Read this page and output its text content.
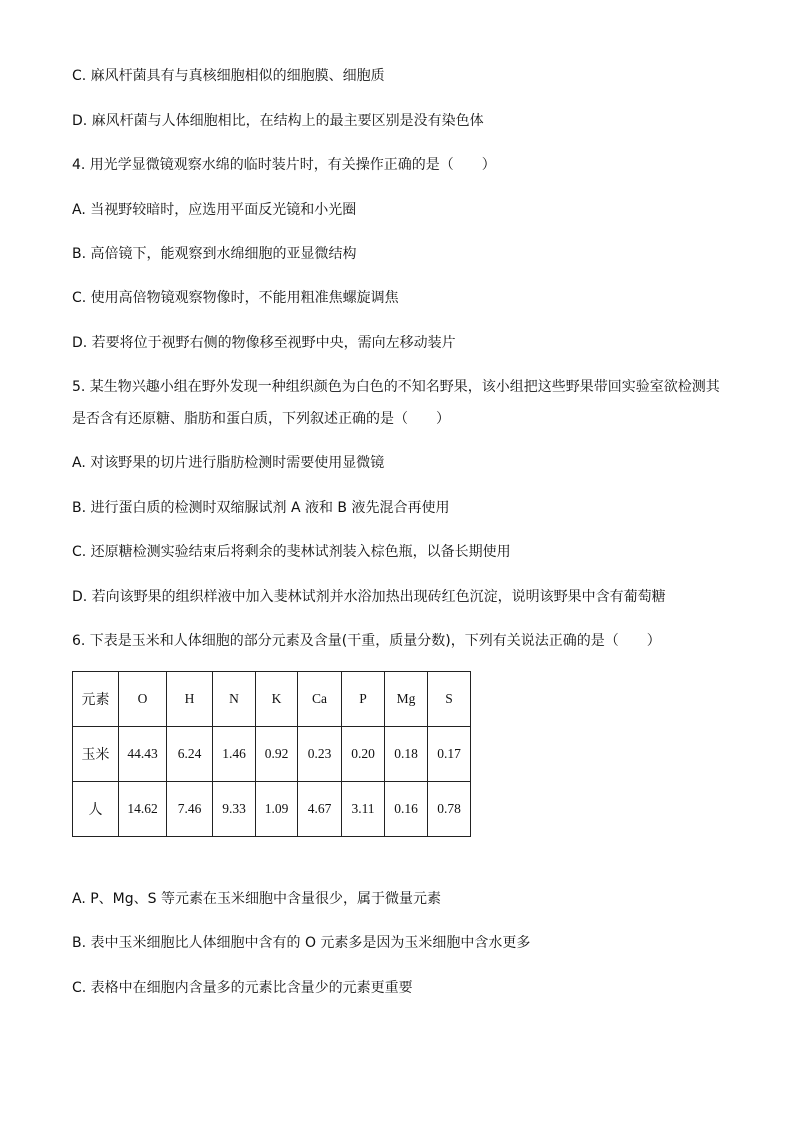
C. 麻风杆菌具有与真核细胞相似的细胞膜、细胞质
D. 麻风杆菌与人体细胞相比，在结构上的最主要区别是没有染色体
4. 用光学显微镜观察水绵的临时装片时，有关操作正确的是（　　）
A. 当视野较暗时，应选用平面反光镜和小光圈
B. 高倍镜下，能观察到水绵细胞的亚显微结构
C. 使用高倍物镜观察物像时，不能用粗准焦螺旋调焦
D. 若要将位于视野右侧的物像移至视野中央，需向左移动装片
5. 某生物兴趣小组在野外发现一种组织颜色为白色的不知名野果，该小组把这些野果带回实验室欲检测其
是否含有还原糖、脂肪和蛋白质，下列叙述正确的是（　　）
A. 对该野果的切片进行脂肪检测时需要使用显微镜
B. 进行蛋白质的检测时双缩脲试剂 A 液和 B 液先混合再使用
C. 还原糖检测实验结束后将剩余的斐林试剂装入棕色瓶，以备长期使用
D. 若向该野果的组织样液中加入斐林试剂并水浴加热出现砖红色沉淀，说明该野果中含有葡萄糖
6. 下表是玉米和人体细胞的部分元素及含量(干重，质量分数)，下列有关说法正确的是（　　）
元素	O	H	N	K	Ca	P	Mg	S
玉米	44.43	6.24	1.46	0.92	0.23	0.20	0.18	0.17
人	14.62	7.46	9.33	1.09	4.67	3.11	0.16	0.78
A. P、Mg、S 等元素在玉米细胞中含量很少，属于微量元素
B. 表中玉米细胞比人体细胞中含有的 O 元素多是因为玉米细胞中含水更多
C. 表格中在细胞内含量多的元素比含量少的元素更重要
